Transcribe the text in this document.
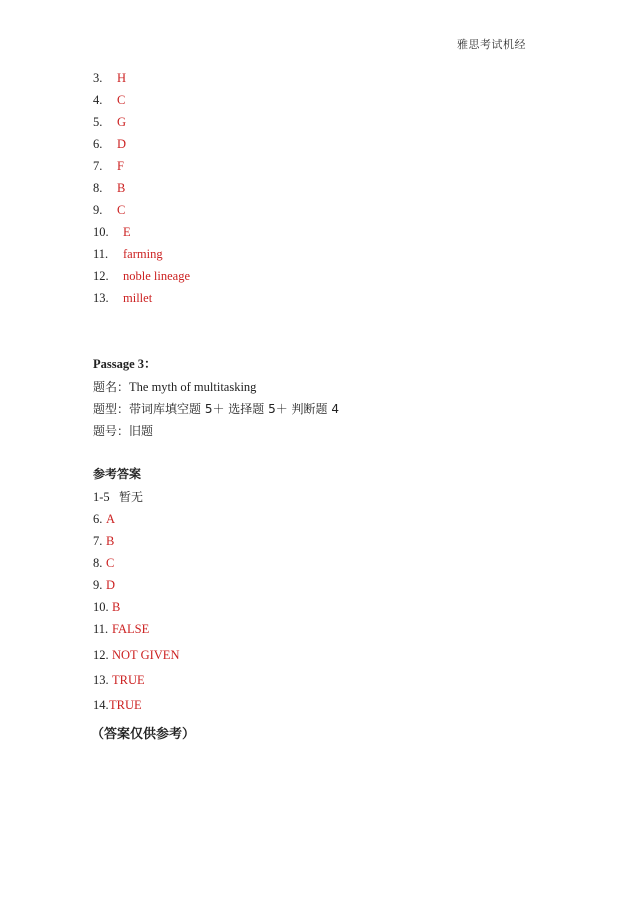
雅思考试机经
3. H
4. C
5. G
6. D
7. F
8. B
9. C
10. E
11. farming
12. noble lineage
13. millet
Passage 3：
题名：The myth of multitasking
题型：带词库填空题 5＋ 选择题 5＋ 判断题 4
题号：旧题
参考答案
1-5 暂无
6. A
7. B
8. C
9. D
10. B
11. FALSE
12. NOT GIVEN
13. TRUE
14.TRUE
（答案仅供参考）
